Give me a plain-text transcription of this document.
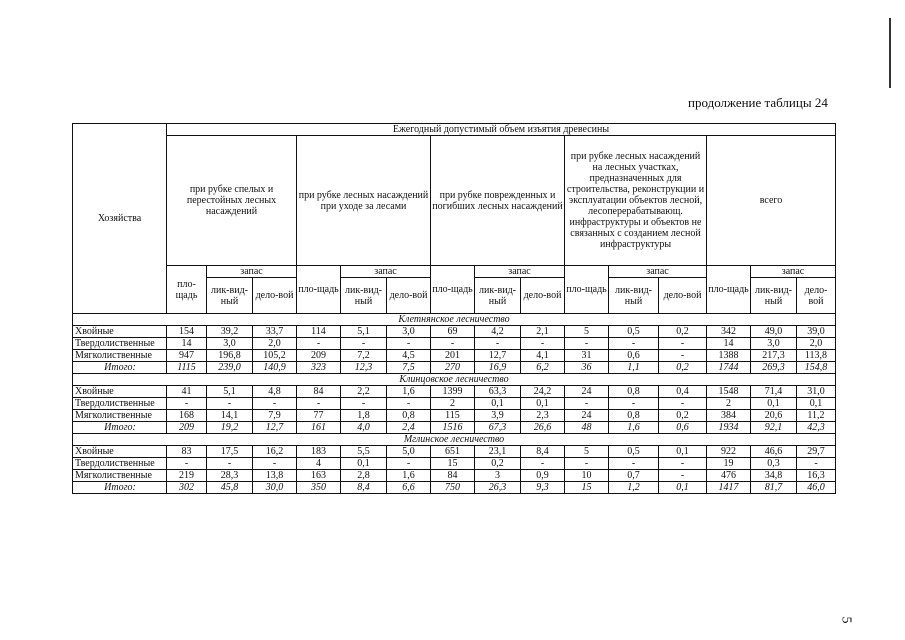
продолжение таблицы 24
Хозяйства	Ежегодный допустимый объем изъятия древесины														
	при рубке спелых и перестойных лесных насаждений			при рубке лесных насаждений при уходе за лесами			при рубке поврежденных и погибших лесных насаждений			при рубке лесных насаждений на лесных участках, предназначенных для строительства, реконструкции и эксплуатации объектов лесной, лесоперерабатывающ. инфраструктуры и объектов не связанных с созданием лесной инфраструктуры			всего		
	пло-щадь	запас		пло-щадь	запас		пло-щадь	запас		пло-щадь	запас		пло-щадь	запас	
		лик-вид-ный	дело-вой		лик-вид-ный	дело-вой		лик-вид-ный	дело-вой		лик-вид-ный	дело-вой		лик-вид-ный	дело-вой
Клетнянское лесничество															
Хвойные	154	39,2	33,7	114	5,1	3,0	69	4,2	2,1	5	0,5	0,2	342	49,0	39,0
Твердолиственные	14	3,0	2,0	-	-	-	-	-	-	-	-	-	14	3,0	2,0
Мягколиственные	947	196,8	105,2	209	7,2	4,5	201	12,7	4,1	31	0,6	-	1388	217,3	113,8
Итого:	1115	239,0	140,9	323	12,3	7,5	270	16,9	6,2	36	1,1	0,2	1744	269,3	154,8
Клинцовское лесничество															
Хвойные	41	5,1	4,8	84	2,2	1,6	1399	63,3	24,2	24	0,8	0,4	1548	71,4	31,0
Твердолиственные	-	-	-	-	-	-	2	0,1	0,1	-	-	-	2	0,1	0,1
Мягколиственные	168	14,1	7,9	77	1,8	0,8	115	3,9	2,3	24	0,8	0,2	384	20,6	11,2
Итого:	209	19,2	12,7	161	4,0	2,4	1516	67,3	26,6	48	1,6	0,6	1934	92,1	42,3
Мглинское лесничество															
Хвойные	83	17,5	16,2	183	5,5	5,0	651	23,1	8,4	5	0,5	0,1	922	46,6	29,7
Твердолиственные	-	-	-	4	0,1	-	15	0,2	-	-	-	-	19	0,3	-
Мягколиственные	219	28,3	13,8	163	2,8	1,6	84	3	0,9	10	0,7	-	476	34,8	16,3
Итого:	302	45,8	30,0	350	8,4	6,6	750	26,3	9,3	15	1,2	0,1	1417	81,7	46,0
5
